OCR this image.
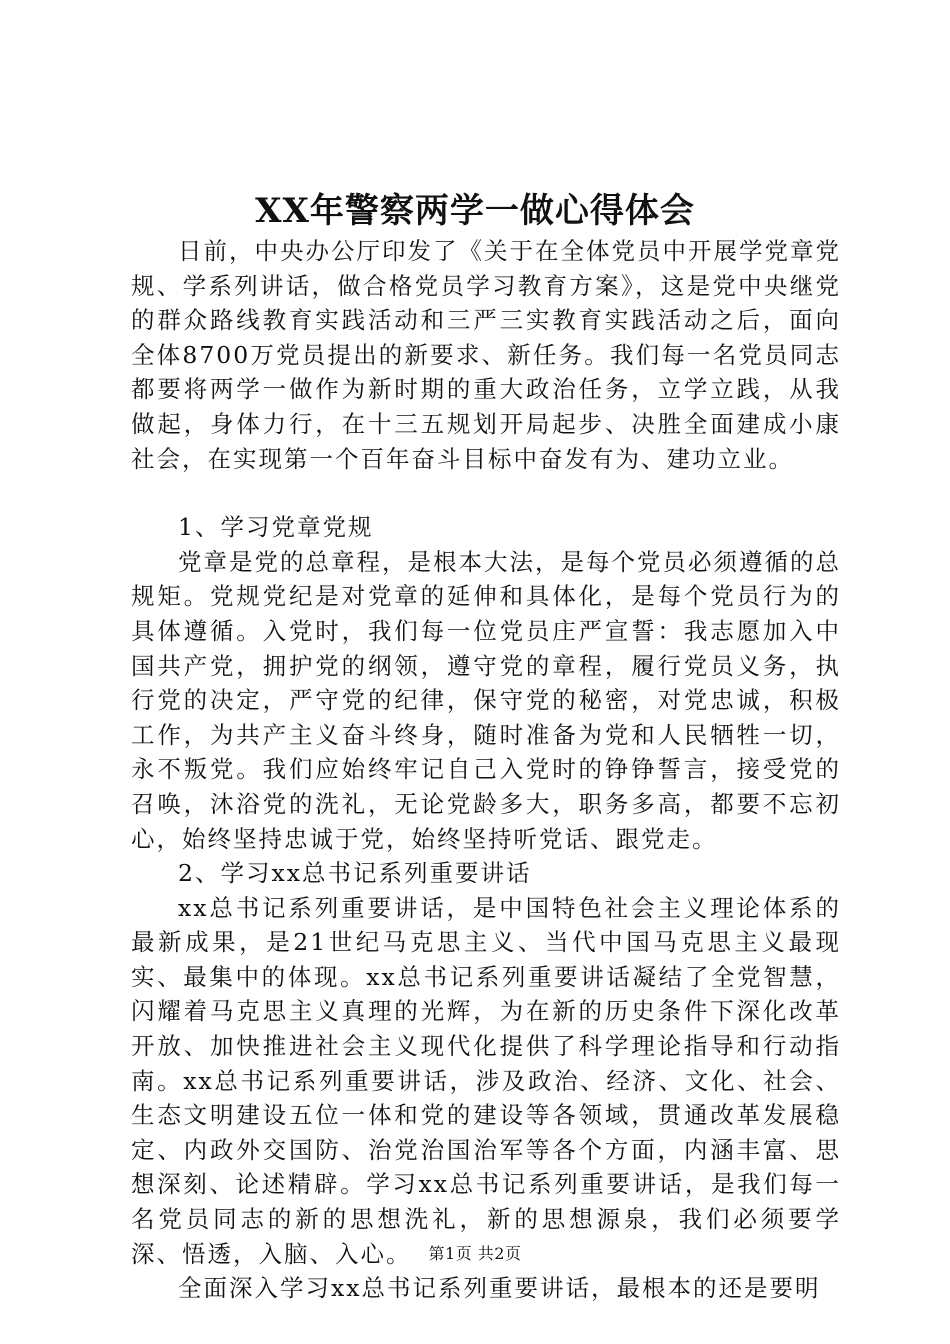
XX年警察两学一做心得体会

日前，中央办公厅印发了《关于在全体党员中开展学党章党规、学系列讲话，做合格党员学习教育方案》，这是党中央继党的群众路线教育实践活动和三严三实教育实践活动之后，面向全体8700万党员提出的新要求、新任务。我们每一名党员同志都要将两学一做作为新时期的重大政治任务，立学立践，从我做起，身体力行，在十三五规划开局起步、决胜全面建成小康社会，在实现第一个百年奋斗目标中奋发有为、建功立业。

1、学习党章党规

党章是党的总章程，是根本大法，是每个党员必须遵循的总规矩。党规党纪是对党章的延伸和具体化，是每个党员行为的具体遵循。入党时，我们每一位党员庄严宣誓：我志愿加入中国共产党，拥护党的纲领，遵守党的章程，履行党员义务，执行党的决定，严守党的纪律，保守党的秘密，对党忠诚，积极工作，为共产主义奋斗终身，随时准备为党和人民牺牲一切，永不叛党。我们应始终牢记自己入党时的铮铮誓言，接受党的召唤，沐浴党的洗礼，无论党龄多大，职务多高，都要不忘初心，始终坚持忠诚于党，始终坚持听党话、跟党走。

2、学习xx总书记系列重要讲话

xx总书记系列重要讲话，是中国特色社会主义理论体系的最新成果，是21世纪马克思主义、当代中国马克思主义最现实、最集中的体现。xx总书记系列重要讲话凝结了全党智慧，闪耀着马克思主义真理的光辉，为在新的历史条件下深化改革开放、加快推进社会主义现代化提供了科学理论指导和行动指南。xx总书记系列重要讲话，涉及政治、经济、文化、社会、生态文明建设五位一体和党的建设等各领域，贯通改革发展稳定、内政外交国防、治党治国治军等各个方面，内涵丰富、思想深刻、论述精辟。学习xx总书记系列重要讲话，是我们每一名党员同志的新的思想洗礼，新的思想源泉，我们必须要学深、悟透，入脑、入心。

全面深入学习xx总书记系列重要讲话，最根本的还是要明

第1页 共2页
